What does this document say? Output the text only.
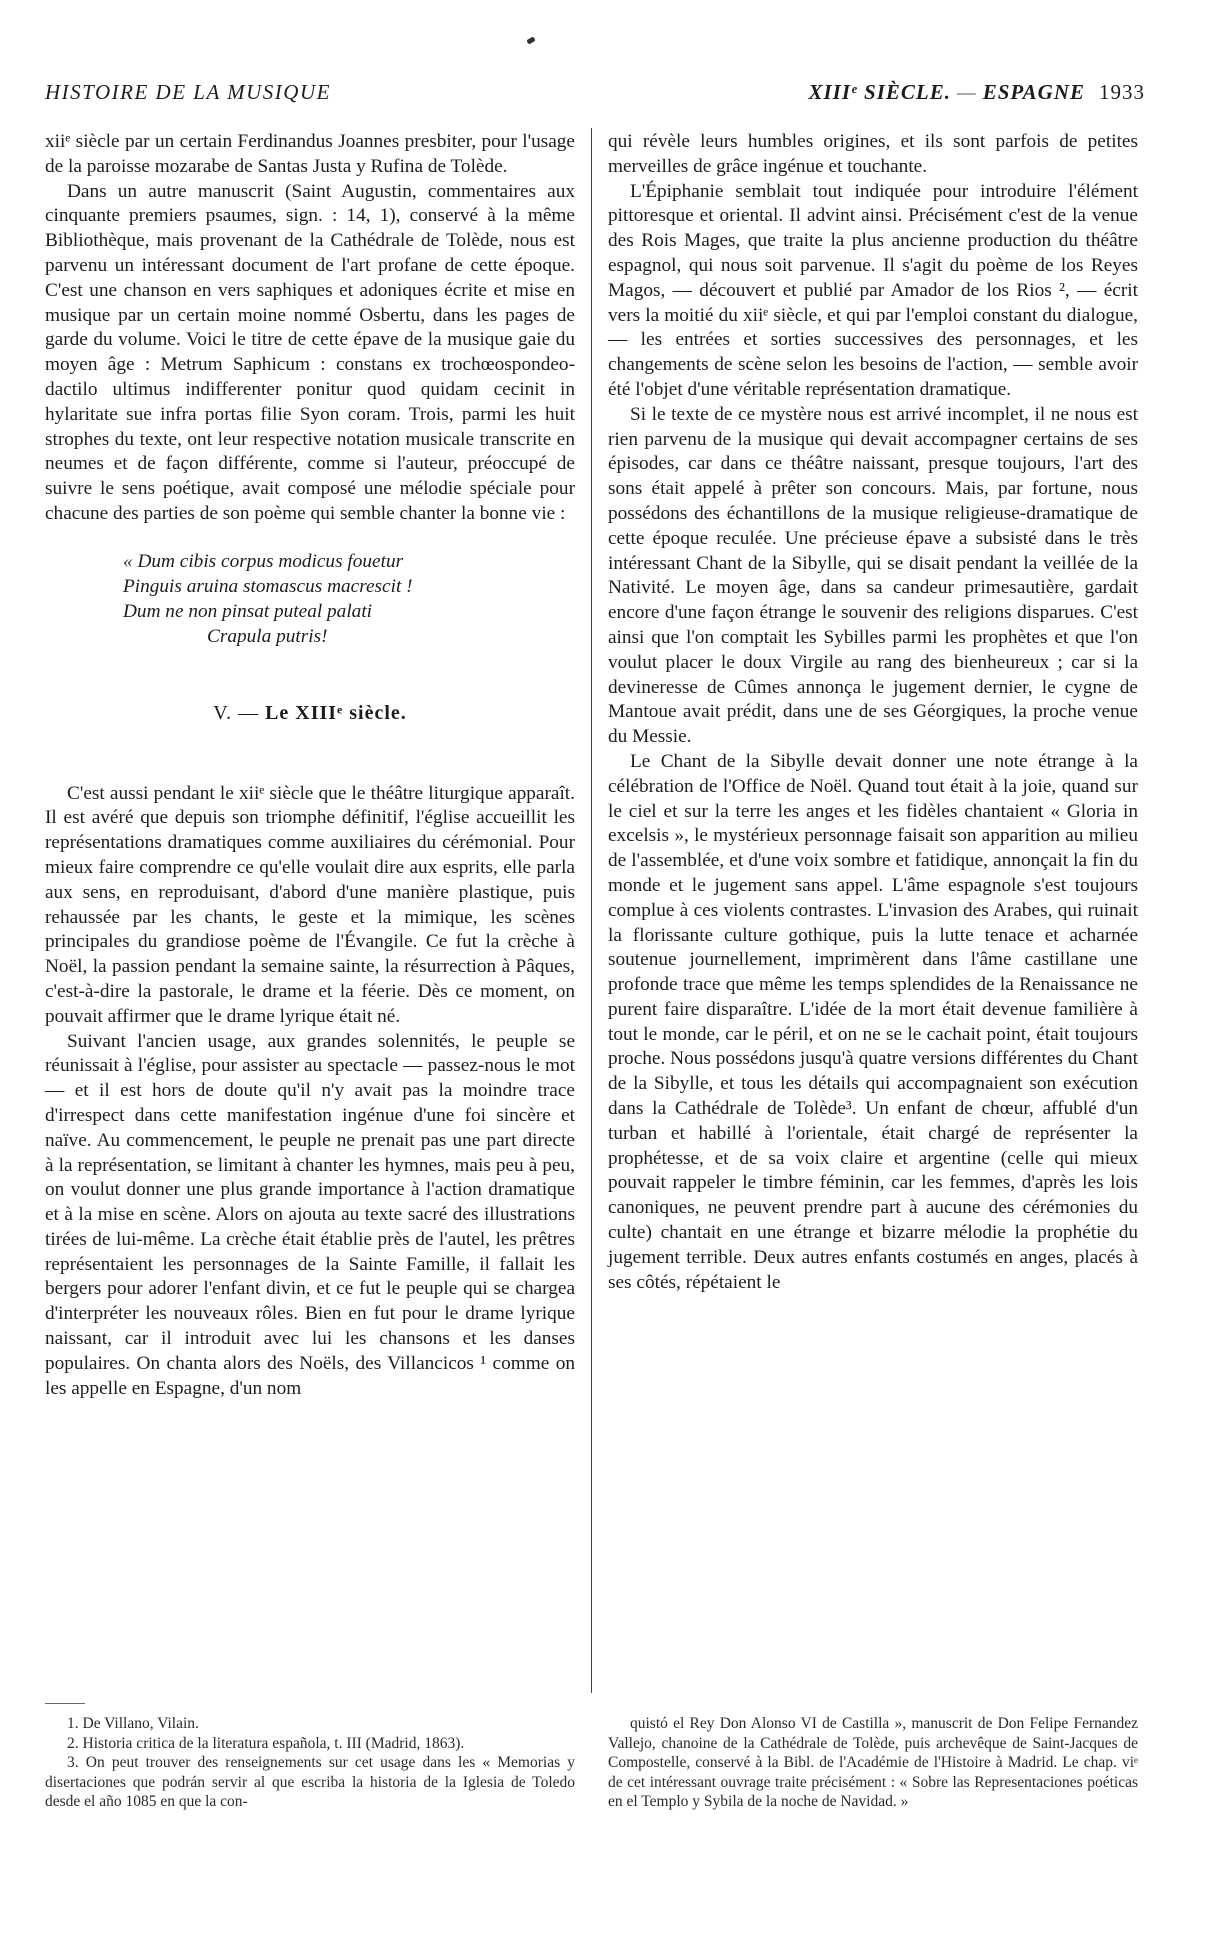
HISTOIRE DE LA MUSIQUE	XIIIᵉ SIÈCLE. — ESPAGNE 1933

xiiᵉ siècle par un certain Ferdinandus Joannes presbiter, pour l'usage de la paroisse mozarabe de Santas Justa y Rufina de Tolède.

Dans un autre manuscrit (Saint Augustin, commentaires aux cinquante premiers psaumes, sign. : 14, 1), conservé à la même Bibliothèque, mais provenant de la Cathédrale de Tolède, nous est parvenu un intéressant document de l'art profane de cette époque. C'est une chanson en vers saphiques et adoniques écrite et mise en musique par un certain moine nommé Osbertu, dans les pages de garde du volume. Voici le titre de cette épave de la musique gaie du moyen âge : Metrum Saphicum : constans ex trochœospondeo-dactilo ultimus indifferenter ponitur quod quidam cecinit in hylaritate sue infra portas filie Syon coram. Trois, parmi les huit strophes du texte, ont leur respective notation musicale transcrite en neumes et de façon différente, comme si l'auteur, préoccupé de suivre le sens poétique, avait composé une mélodie spéciale pour chacune des parties de son poème qui semble chanter la bonne vie :

« Dum cibis corpus modicus fouetur
Pinguis aruina stomascus macrescit !
Dum ne non pinsat puteal palati
Crapula putris!
V. — Le XIIIᵉ siècle.

C'est aussi pendant le xiiᵉ siècle que le théâtre liturgique apparaît. Il est avéré que depuis son triomphe définitif, l'église accueillit les représentations dramatiques comme auxiliaires du cérémonial. Pour mieux faire comprendre ce qu'elle voulait dire aux esprits, elle parla aux sens, en reproduisant, d'abord d'une manière plastique, puis rehaussée par les chants, le geste et la mimique, les scènes principales du grandiose poème de l'Évangile. Ce fut la crèche à Noël, la passion pendant la semaine sainte, la résurrection à Pâques, c'est-à-dire la pastorale, le drame et la féerie. Dès ce moment, on pouvait affirmer que le drame lyrique était né.

Suivant l'ancien usage, aux grandes solennités, le peuple se réunissait à l'église, pour assister au spectacle — passez-nous le mot — et il est hors de doute qu'il n'y avait pas la moindre trace d'irrespect dans cette manifestation ingénue d'une foi sincère et naïve. Au commencement, le peuple ne prenait pas une part directe à la représentation, se limitant à chanter les hymnes, mais peu à peu, on voulut donner une plus grande importance à l'action dramatique et à la mise en scène. Alors on ajouta au texte sacré des illustrations tirées de lui-même. La crèche était établie près de l'autel, les prêtres représentaient les personnages de la Sainte Famille, il fallait les bergers pour adorer l'enfant divin, et ce fut le peuple qui se chargea d'interpréter les nouveaux rôles. Bien en fut pour le drame lyrique naissant, car il introduit avec lui les chansons et les danses populaires. On chanta alors des Noëls, des Villancicos ¹ comme on les appelle en Espagne, d'un nom

qui révèle leurs humbles origines, et ils sont parfois de petites merveilles de grâce ingénue et touchante.

L'Épiphanie semblait tout indiquée pour introduire l'élément pittoresque et oriental. Il advint ainsi. Précisément c'est de la venue des Rois Mages, que traite la plus ancienne production du théâtre espagnol, qui nous soit parvenue. Il s'agit du poème de los Reyes Magos, — découvert et publié par Amador de los Rios ², — écrit vers la moitié du xiiᵉ siècle, et qui par l'emploi constant du dialogue, — les entrées et sorties successives des personnages, et les changements de scène selon les besoins de l'action, — semble avoir été l'objet d'une véritable représentation dramatique.

Si le texte de ce mystère nous est arrivé incomplet, il ne nous est rien parvenu de la musique qui devait accompagner certains de ses épisodes, car dans ce théâtre naissant, presque toujours, l'art des sons était appelé à prêter son concours. Mais, par fortune, nous possédons des échantillons de la musique religieuse-dramatique de cette époque reculée. Une précieuse épave a subsisté dans le très intéressant Chant de la Sibylle, qui se disait pendant la veillée de la Nativité. Le moyen âge, dans sa candeur primesautière, gardait encore d'une façon étrange le souvenir des religions disparues. C'est ainsi que l'on comptait les Sybilles parmi les prophètes et que l'on voulut placer le doux Virgile au rang des bienheureux ; car si la devineresse de Cûmes annonça le jugement dernier, le cygne de Mantoue avait prédit, dans une de ses Géorgiques, la proche venue du Messie.

Le Chant de la Sibylle devait donner une note étrange à la célébration de l'Office de Noël. Quand tout était à la joie, quand sur le ciel et sur la terre les anges et les fidèles chantaient « Gloria in excelsis », le mystérieux personnage faisait son apparition au milieu de l'assemblée, et d'une voix sombre et fatidique, annonçait la fin du monde et le jugement sans appel. L'âme espagnole s'est toujours complue à ces violents contrastes. L'invasion des Arabes, qui ruinait la florissante culture gothique, puis la lutte tenace et acharnée soutenue journellement, imprimèrent dans l'âme castillane une profonde trace que même les temps splendides de la Renaissance ne purent faire disparaître. L'idée de la mort était devenue familière à tout le monde, car le péril, et on ne se le cachait point, était toujours proche. Nous possédons jusqu'à quatre versions différentes du Chant de la Sibylle, et tous les détails qui accompagnaient son exécution dans la Cathédrale de Tolède³. Un enfant de chœur, affublé d'un turban et habillé à l'orientale, était chargé de représenter la prophétesse, et de sa voix claire et argentine (celle qui mieux pouvait rappeler le timbre féminin, car les femmes, d'après les lois canoniques, ne peuvent prendre part à aucune des cérémonies du culte) chantait en une étrange et bizarre mélodie la prophétie du jugement terrible. Deux autres enfants costumés en anges, placés à ses côtés, répétaient le

1. De Villano, Vilain.

2. Historia critica de la literatura española, t. III (Madrid, 1863).

3. On peut trouver des renseignements sur cet usage dans les « Memorias y disertaciones que podrán servir al que escriba la historia de la Iglesia de Toledo desde el año 1085 en que la con-

quistó el Rey Don Alonso VI de Castilla », manuscrit de Don Felipe Fernandez Vallejo, chanoine de la Cathédrale de Tolède, puis archevêque de Saint-Jacques de Compostelle, conservé à la Bibl. de l'Académie de l'Histoire à Madrid. Le chap. viᵉ de cet intéressant ouvrage traite précisément : « Sobre las Representaciones poéticas en el Templo y Sybila de la noche de Navidad. »
